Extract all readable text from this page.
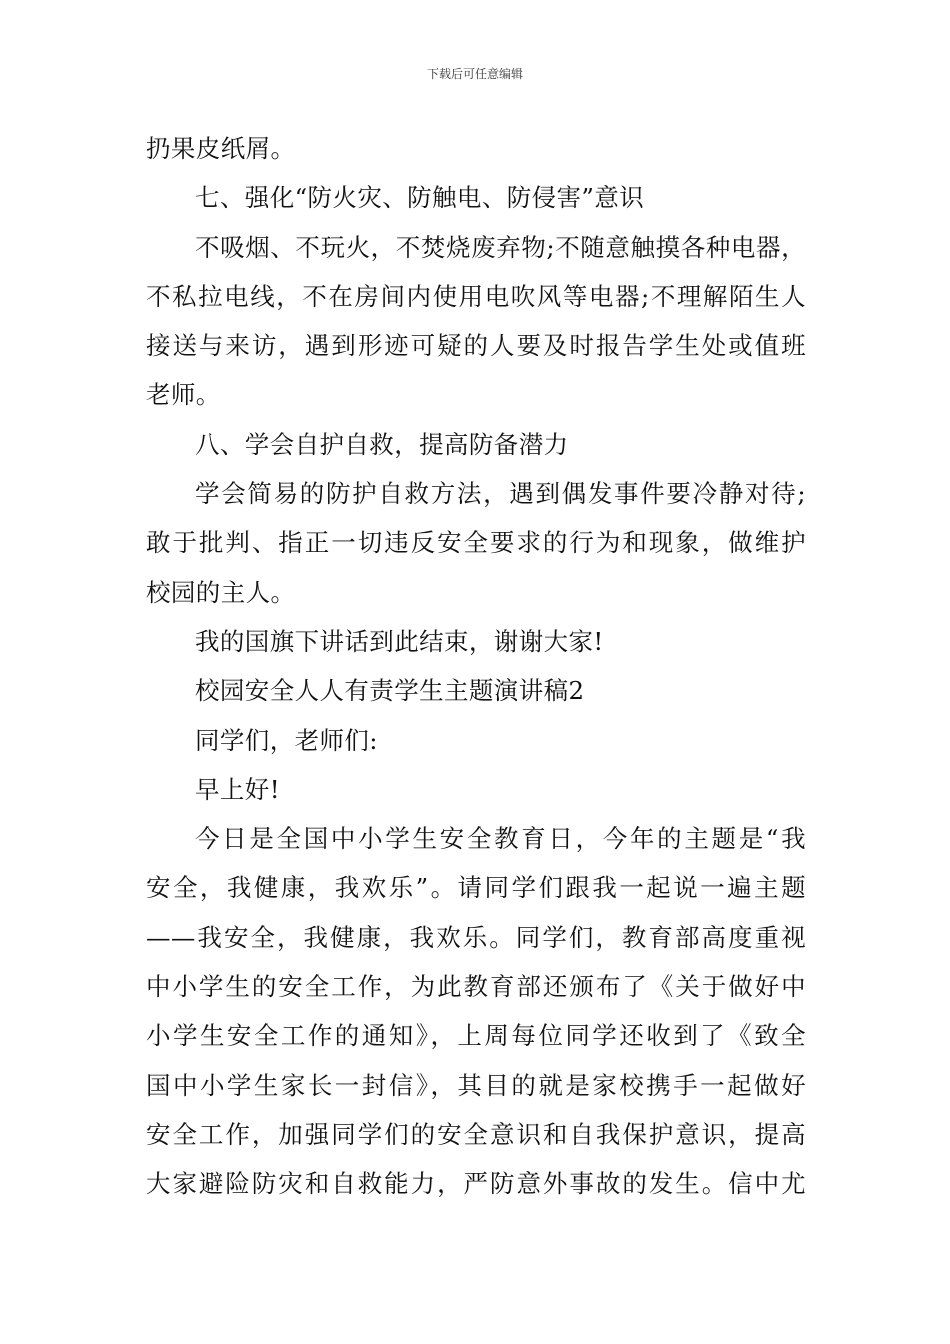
下载后可任意编辑
扔果皮纸屑。
七、强化“防火灾、防触电、防侵害”意识
不吸烟、不玩火，不焚烧废弃物;不随意触摸各种电器，
不私拉电线，不在房间内使用电吹风等电器;不理解陌生人
接送与来访，遇到形迹可疑的人要及时报告学生处或值班
老师。
八、学会自护自救，提高防备潜力
学会简易的防护自救方法，遇到偶发事件要冷静对待;
敢于批判、指正一切违反安全要求的行为和现象，做维护
校园的主人。
我的国旗下讲话到此结束，谢谢大家!
校园安全人人有责学生主题演讲稿2
同学们，老师们:
早上好!
今日是全国中小学生安全教育日，今年的主题是“我
安全，我健康，我欢乐”。请同学们跟我一起说一遍主题
——我安全，我健康，我欢乐。同学们，教育部高度重视
中小学生的安全工作，为此教育部还颁布了《关于做好中
小学生安全工作的通知》，上周每位同学还收到了《致全
国中小学生家长一封信》，其目的就是家校携手一起做好
安全工作，加强同学们的安全意识和自我保护意识，提高
大家避险防灾和自救能力，严防意外事故的发生。信中尤
